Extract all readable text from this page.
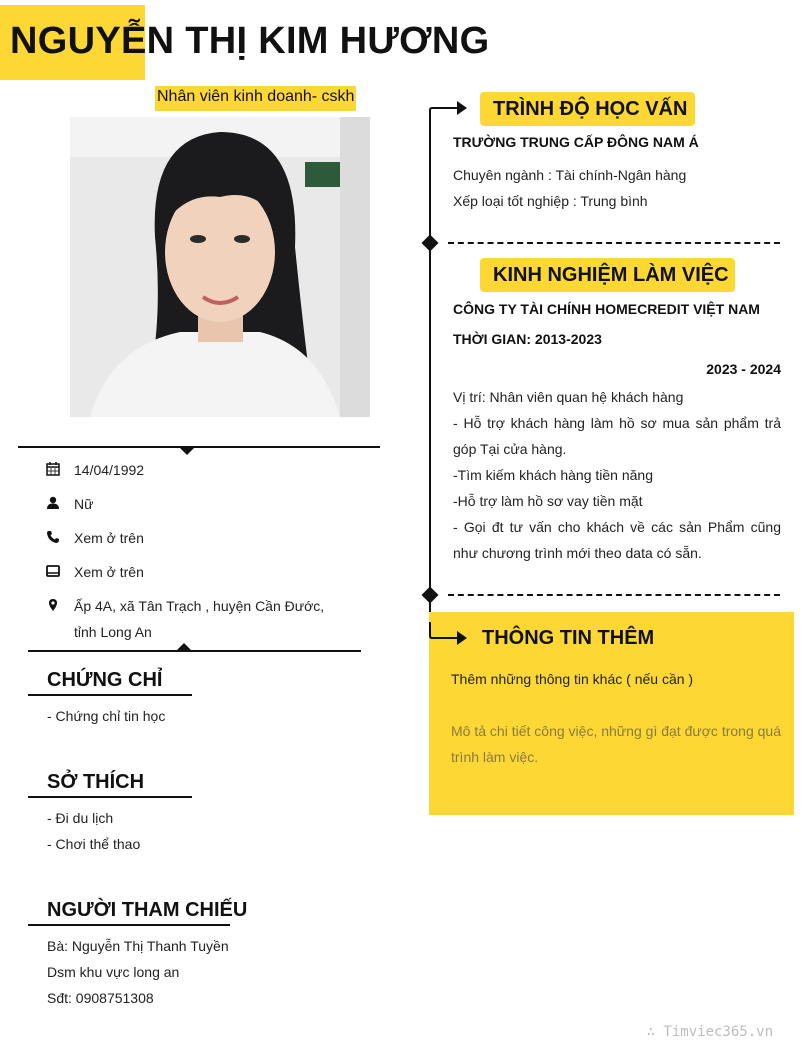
NGUYỄN THỊ KIM HƯƠNG
Nhân viên kinh doanh- cskh
14/04/1992
Nữ
Xem ở trên
Xem ở trên
Ấp 4A, xã Tân Trạch , huyện Cần Đước,
tỉnh Long An
CHỨNG CHỈ
- Chứng chỉ tin học
SỞ THÍCH
- Đi du lịch
- Chơi thể thao
NGƯỜI THAM CHIẾU
Bà: Nguyễn Thị Thanh Tuyền
Dsm khu vực long an
Sđt: 0908751308
TRÌNH ĐỘ HỌC VẤN
TRƯỜNG TRUNG CẤP ĐÔNG NAM Á
Chuyên ngành : Tài chính-Ngân hàng
Xếp loại tốt nghiệp : Trung bình
KINH NGHIỆM LÀM VIỆC
CÔNG TY TÀI CHÍNH HOMECREDIT VIỆT NAM
THỜI GIAN: 2013-2023
2023 - 2024
Vị trí: Nhân viên quan hệ khách hàng
- Hỗ trợ khách hàng làm hồ sơ mua sản phẩm trả góp Tại cửa hàng.
-Tìm kiếm khách hàng tiền năng
-Hỗ trợ làm hồ sơ vay tiền mặt
- Gọi đt tư vấn cho khách về các sản Phẩm cũng như chương trình mới theo data có sẵn.
THÔNG TIN THÊM
Thêm những thông tin khác ( nếu cần )
Mô tả chi tiết công việc, những gì đạt được trong quá trình làm việc.
∴ Timviec365.vn
